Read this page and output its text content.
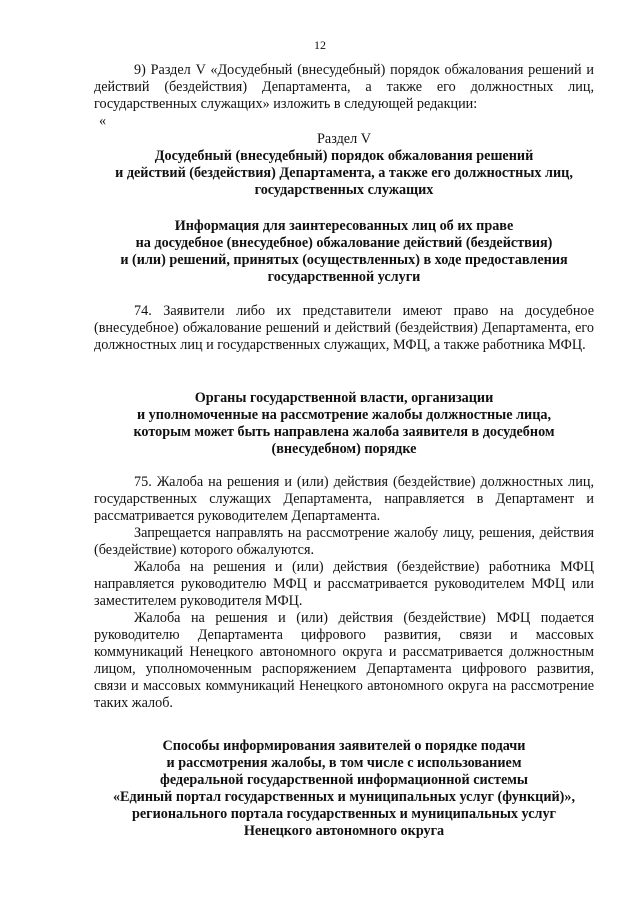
12

9) Раздел V «Досудебный (внесудебный) порядок обжалования решений и действий (бездействия) Департамента, а также его должностных лиц, государственных служащих» изложить в следующей редакции:

«

Раздел V

Досудебный (внесудебный) порядок обжалования решений
и действий (бездействия) Департамента, а также его должностных лиц,
государственных служащих

Информация для заинтересованных лиц об их праве
на досудебное (внесудебное) обжалование действий (бездействия)
и (или) решений, принятых (осуществленных) в ходе предоставления
государственной услуги

74. Заявители либо их представители имеют право на досудебное (внесудебное) обжалование решений и действий (бездействия) Департамента, его должностных лиц и государственных служащих, МФЦ, а также работника МФЦ.

Органы государственной власти, организации
и уполномоченные на рассмотрение жалобы должностные лица,
которым может быть направлена жалоба заявителя в досудебном
(внесудебном) порядке

75. Жалоба на решения и (или) действия (бездействие) должностных лиц, государственных служащих Департамента, направляется в Департамент и рассматривается руководителем Департамента.

Запрещается направлять на рассмотрение жалобу лицу, решения, действия (бездействие) которого обжалуются.

Жалоба на решения и (или) действия (бездействие) работника МФЦ направляется руководителю МФЦ и рассматривается руководителем МФЦ или заместителем руководителя МФЦ.

Жалоба на решения и (или) действия (бездействие) МФЦ подается руководителю Департамента цифрового развития, связи и массовых коммуникаций Ненецкого автономного округа и рассматривается должностным лицом, уполномоченным распоряжением Департамента цифрового развития, связи и массовых коммуникаций Ненецкого автономного округа на рассмотрение таких жалоб.

Способы информирования заявителей о порядке подачи
и рассмотрения жалобы, в том числе с использованием
федеральной государственной информационной системы
«Единый портал государственных и муниципальных услуг (функций)»,
регионального портала государственных и муниципальных услуг
Ненецкого автономного округа
